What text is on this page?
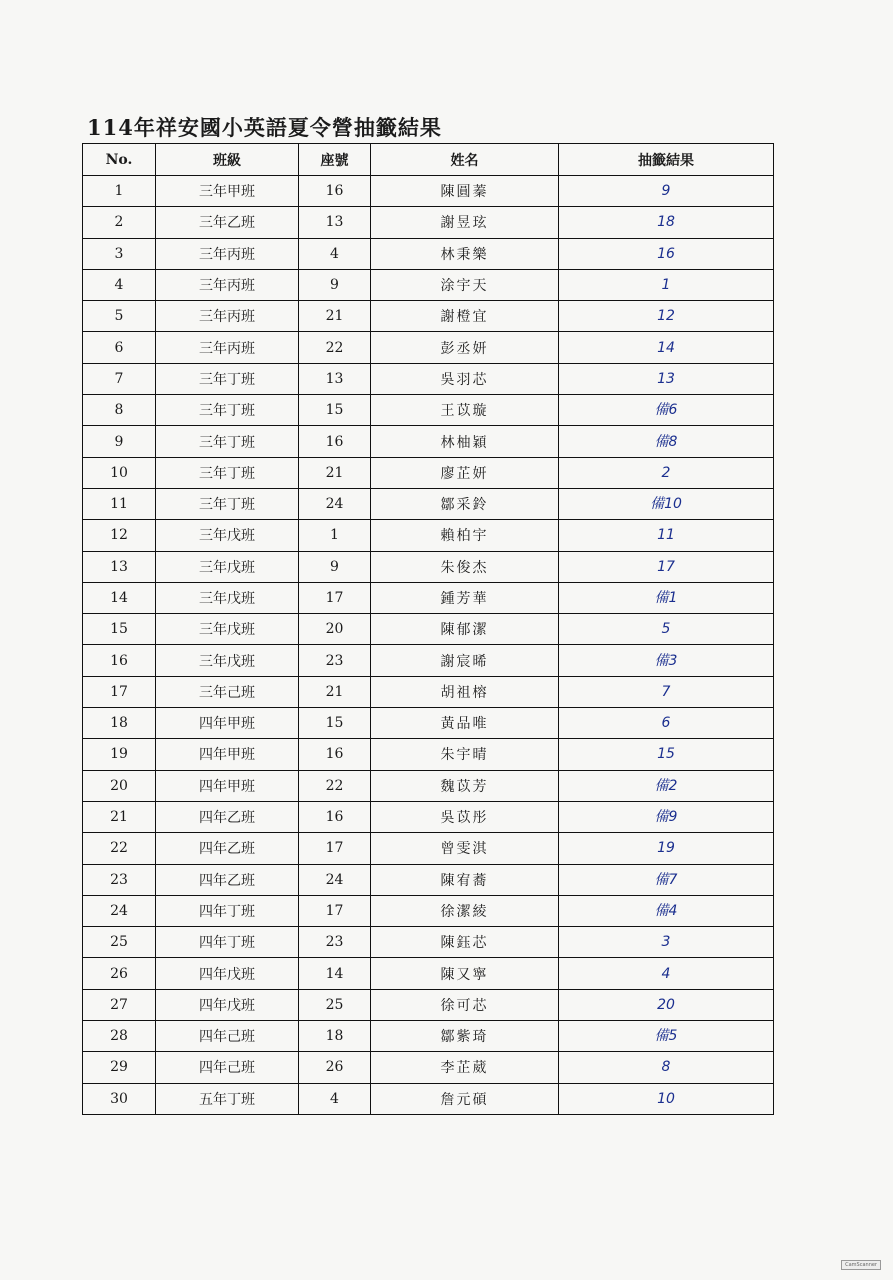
114年祥安國小英語夏令營抽籤結果
No.	班級	座號	姓名	抽籤結果
1	三年甲班	16	陳圓蓁	9
2	三年乙班	13	謝昱玹	18
3	三年丙班	4	林秉樂	16
4	三年丙班	9	涂宇天	1
5	三年丙班	21	謝橙宜	12
6	三年丙班	22	彭丞妍	14
7	三年丁班	13	吳羽芯	13
8	三年丁班	15	王苡璇	備6
9	三年丁班	16	林柚穎	備8
10	三年丁班	21	廖芷妍	2
11	三年丁班	24	鄒采鈴	備10
12	三年戊班	1	賴柏宇	11
13	三年戊班	9	朱俊杰	17
14	三年戊班	17	鍾芳華	備1
15	三年戊班	20	陳郁潔	5
16	三年戊班	23	謝宸晞	備3
17	三年己班	21	胡祖榕	7
18	四年甲班	15	黃品唯	6
19	四年甲班	16	朱宇晴	15
20	四年甲班	22	魏苡芳	備2
21	四年乙班	16	吳苡彤	備9
22	四年乙班	17	曾雯淇	19
23	四年乙班	24	陳宥蕎	備7
24	四年丁班	17	徐潔綾	備4
25	四年丁班	23	陳鈺芯	3
26	四年戊班	14	陳又寧	4
27	四年戊班	25	徐可芯	20
28	四年己班	18	鄒紫琦	備5
29	四年己班	26	李芷葳	8
30	五年丁班	4	詹元碩	10
CamScanner
